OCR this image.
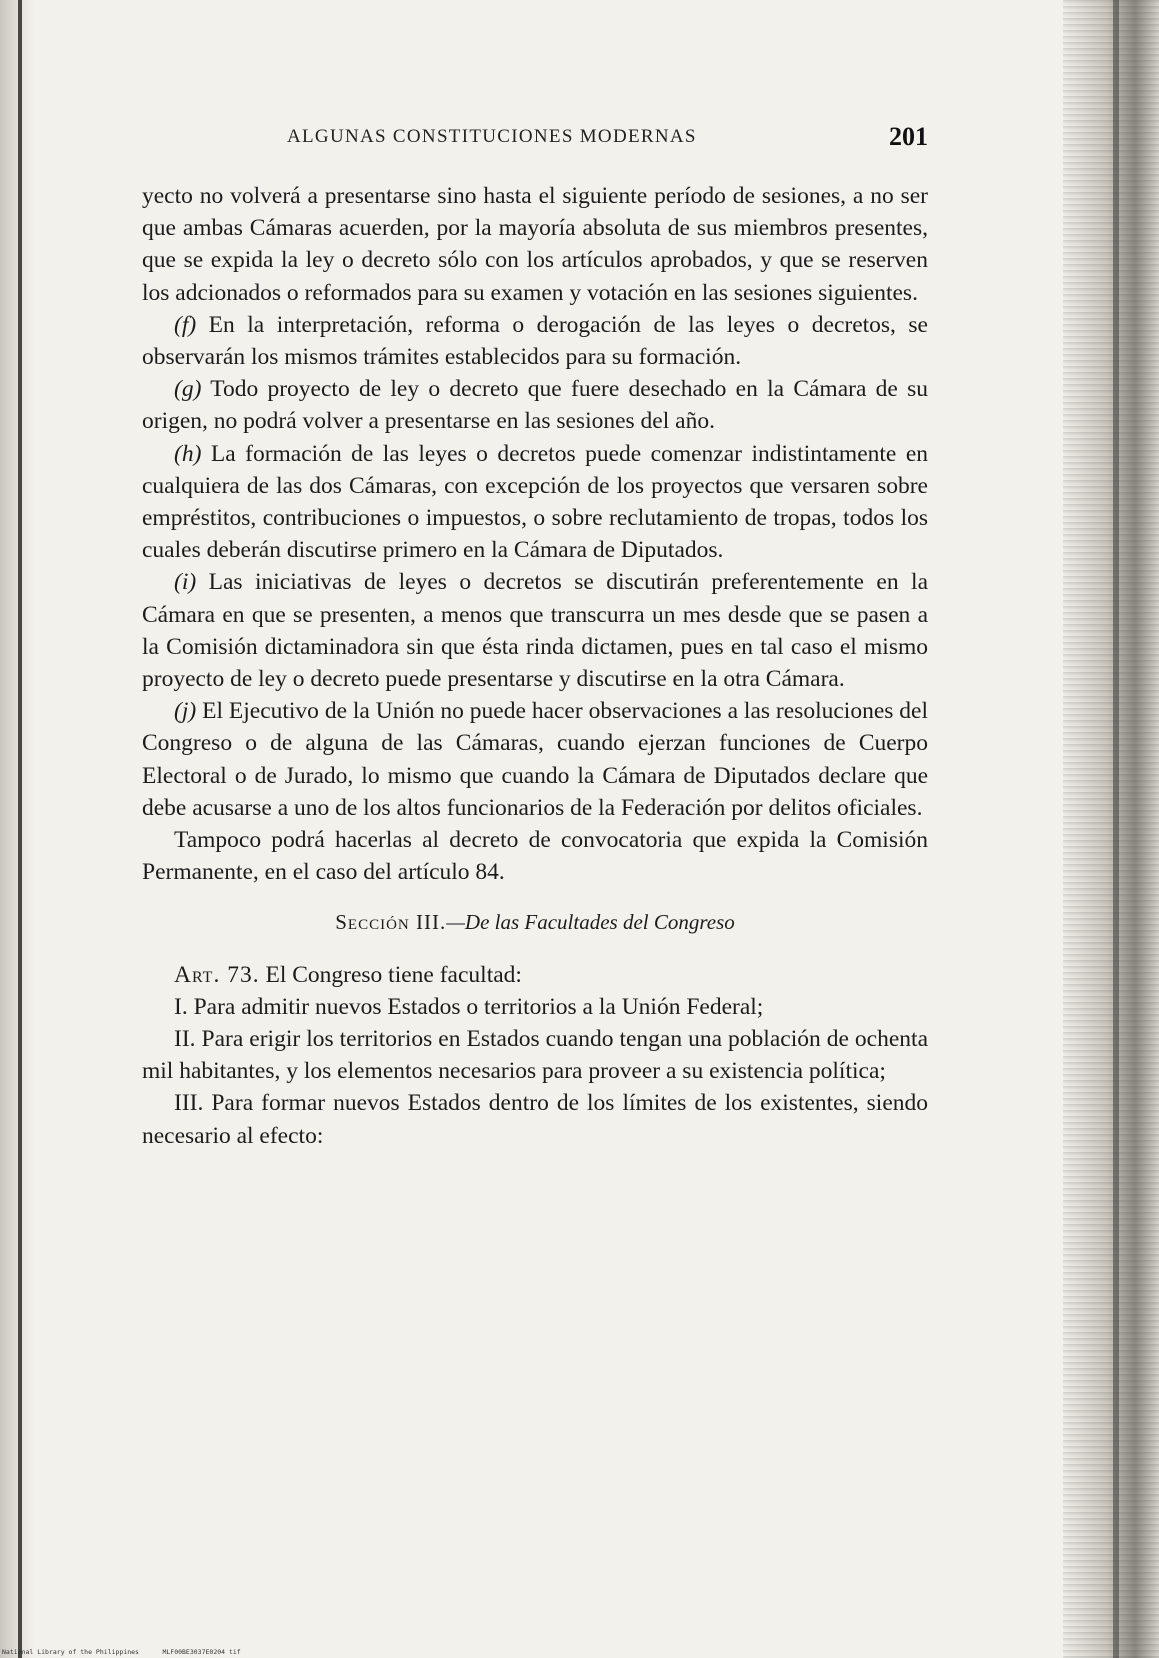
ALGUNAS CONSTITUCIONES MODERNAS	201

yecto no volverá a presentarse sino hasta el siguiente período de sesiones, a no ser que ambas Cámaras acuerden, por la mayoría absoluta de sus miembros presentes, que se expida la ley o decreto sólo con los artículos aprobados, y que se reserven los adcionados o reformados para su examen y votación en las sesiones siguientes.

(f) En la interpretación, reforma o derogación de las leyes o decretos, se observarán los mismos trámites establecidos para su formación.

(g) Todo proyecto de ley o decreto que fuere desechado en la Cámara de su origen, no podrá volver a presentarse en las sesiones del año.

(h) La formación de las leyes o decretos puede comenzar indistintamente en cualquiera de las dos Cámaras, con excepción de los proyectos que versaren sobre empréstitos, contribuciones o impuestos, o sobre reclutamiento de tropas, todos los cuales deberán discutirse primero en la Cámara de Diputados.

(i) Las iniciativas de leyes o decretos se discutirán preferentemente en la Cámara en que se presenten, a menos que transcurra un mes desde que se pasen a la Comisión dictaminadora sin que ésta rinda dictamen, pues en tal caso el mismo proyecto de ley o decreto puede presentarse y discutirse en la otra Cámara.

(j) El Ejecutivo de la Unión no puede hacer observaciones a las resoluciones del Congreso o de alguna de las Cámaras, cuando ejerzan funciones de Cuerpo Electoral o de Jurado, lo mismo que cuando la Cámara de Diputados declare que debe acusarse a uno de los altos funcionarios de la Federación por delitos oficiales.

Tampoco podrá hacerlas al decreto de convocatoria que expida la Comisión Permanente, en el caso del artículo 84.

Sección III.—De las Facultades del Congreso

Art. 73. El Congreso tiene facultad:

I. Para admitir nuevos Estados o territorios a la Unión Federal;

II. Para erigir los territorios en Estados cuando tengan una población de ochenta mil habitantes, y los elementos necesarios para proveer a su existencia política;

III. Para formar nuevos Estados dentro de los límites de los existentes, siendo necesario al efecto:

National Library of the Philippines	MLF00BE3037E0204 tif
